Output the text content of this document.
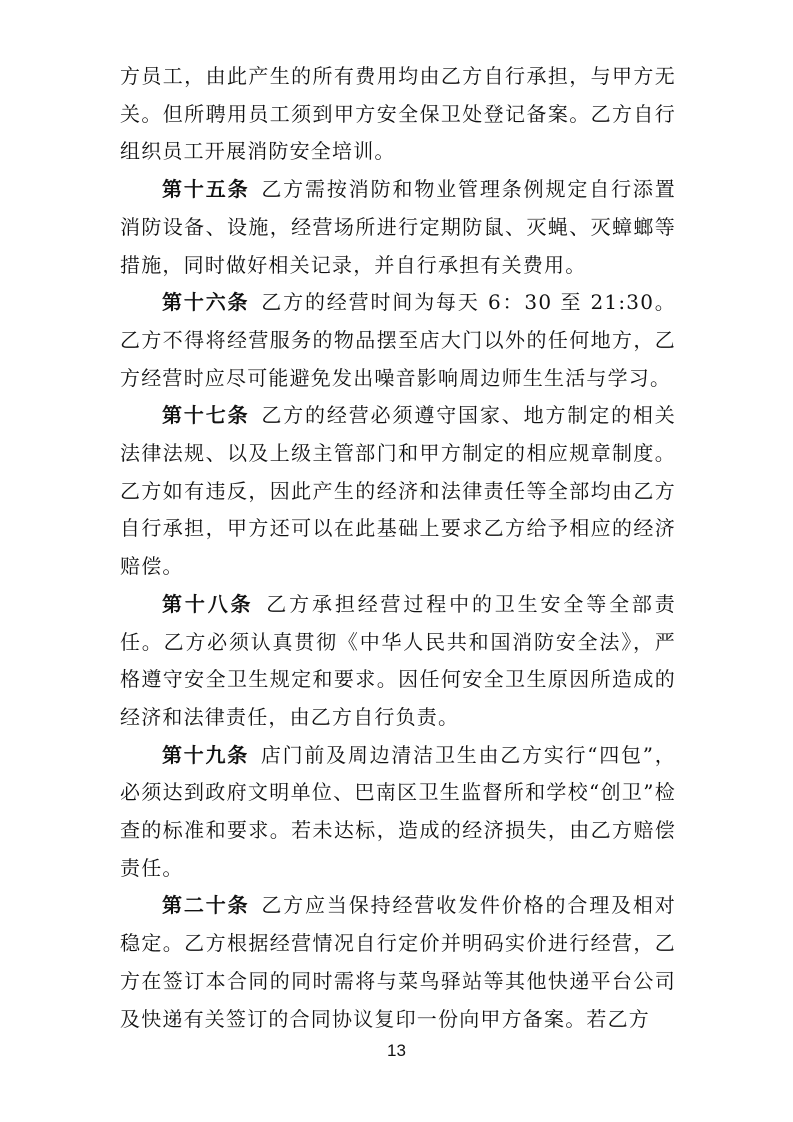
方员工，由此产生的所有费用均由乙方自行承担，与甲方无关。但所聘用员工须到甲方安全保卫处登记备案。乙方自行组织员工开展消防安全培训。

第十五条  乙方需按消防和物业管理条例规定自行添置消防设备、设施，经营场所进行定期防鼠、灭蝇、灭蟑螂等措施，同时做好相关记录，并自行承担有关费用。

第十六条  乙方的经营时间为每天 6：30 至 21:30。乙方不得将经营服务的物品摆至店大门以外的任何地方，乙方经营时应尽可能避免发出噪音影响周边师生生活与学习。

第十七条  乙方的经营必须遵守国家、地方制定的相关法律法规、以及上级主管部门和甲方制定的相应规章制度。乙方如有违反，因此产生的经济和法律责任等全部均由乙方自行承担，甲方还可以在此基础上要求乙方给予相应的经济赔偿。

第十八条  乙方承担经营过程中的卫生安全等全部责任。乙方必须认真贯彻《中华人民共和国消防安全法》，严格遵守安全卫生规定和要求。因任何安全卫生原因所造成的经济和法律责任，由乙方自行负责。

第十九条  店门前及周边清洁卫生由乙方实行“四包”，必须达到政府文明单位、巴南区卫生监督所和学校“创卫”检查的标准和要求。若未达标，造成的经济损失，由乙方赔偿责任。

第二十条  乙方应当保持经营收发件价格的合理及相对稳定。乙方根据经营情况自行定价并明码实价进行经营，乙方在签订本合同的同时需将与菜鸟驿站等其他快递平台公司及快递有关签订的合同协议复印一份向甲方备案。若乙方

13
